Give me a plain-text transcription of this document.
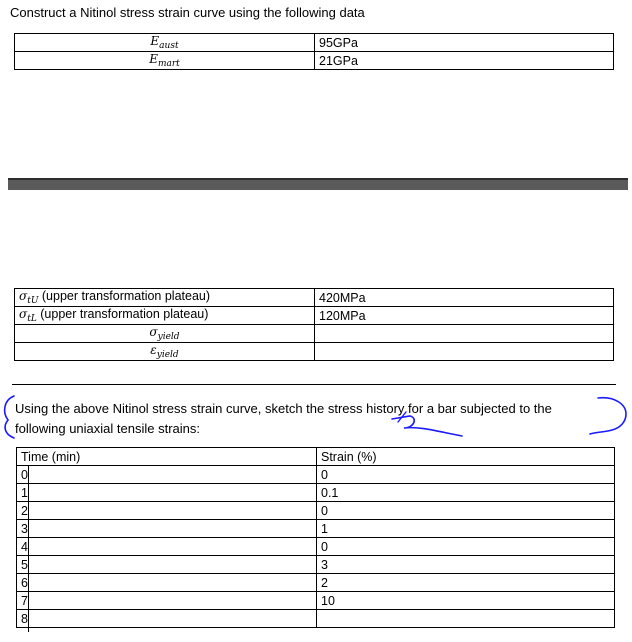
Construct a Nitinol stress strain curve using the following data
$E_{aust}$	95GPa
$E_{mart}$	21GPa
$\sigma_{tU}$ (upper transformation plateau)	420MPa
$\sigma_{tL}$ (upper transformation plateau)	120MPa
$\sigma_{yield}$	
$\varepsilon_{yield}$	
Using the above Nitinol stress strain curve, sketch the stress history for a bar subjected to the
following uniaxial tensile strains:
Time (min)	Strain (%)
0	0
1	0.1
2	0
3	1
4	0
5	3
6	2
7	10
8	
